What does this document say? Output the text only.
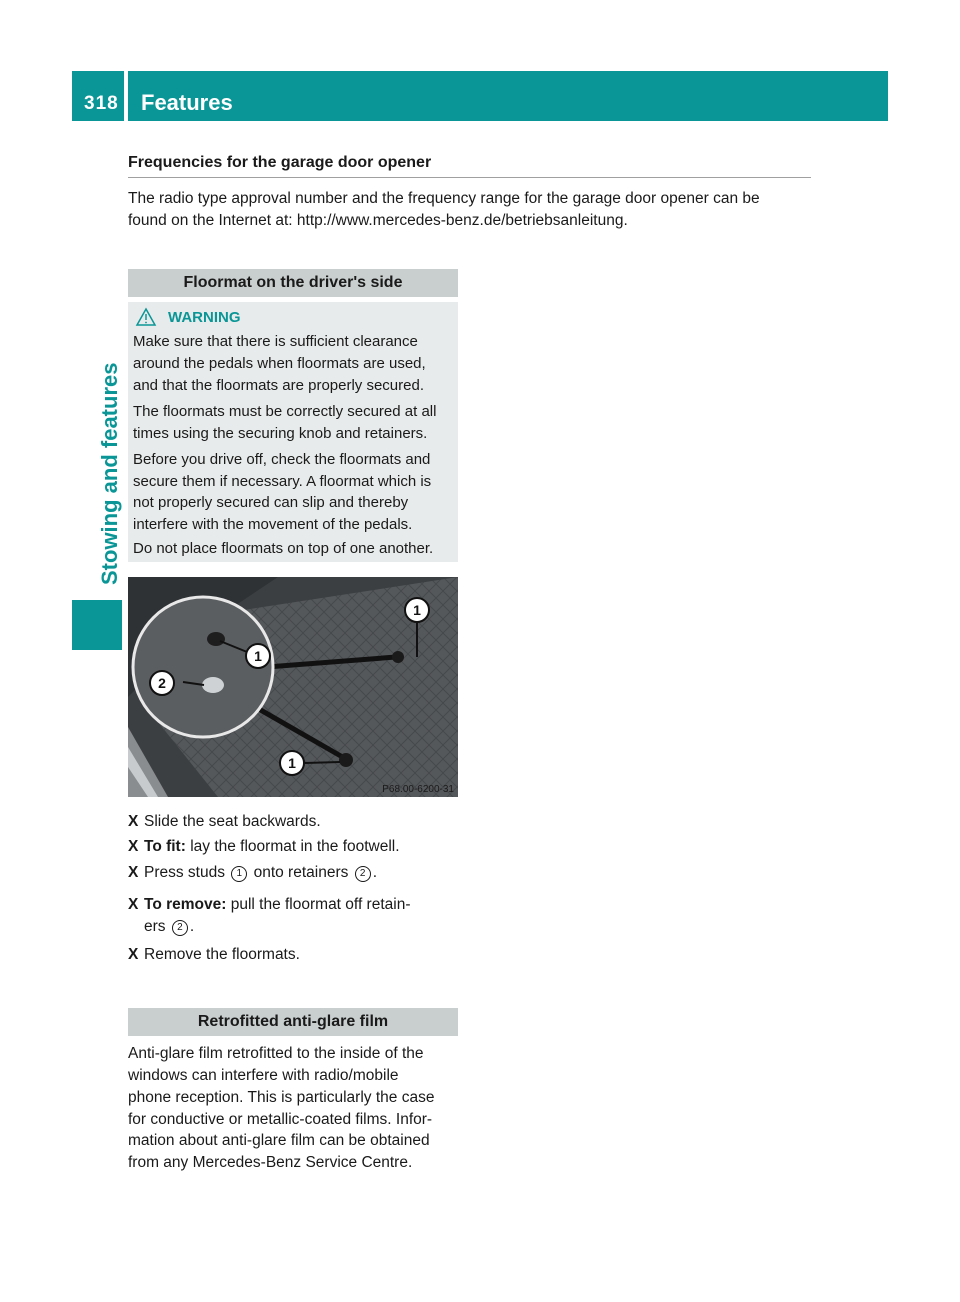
318 Features
Stowing and features
Frequencies for the garage door opener
The radio type approval number and the frequency range for the garage door opener can be
found on the Internet at: http://www.mercedes-benz.de/betriebsanleitung.
Floormat on the driver's side
WARNING
Make sure that there is sufficient clearance
around the pedals when floormats are used,
and that the floormats are properly secured.
The floormats must be correctly secured at all
times using the securing knob and retainers.
Before you drive off, check the floormats and
secure them if necessary. A floormat which is
not properly secured can slip and thereby
interfere with the movement of the pedals.
Do not place floormats on top of one another.
1
1
2
1
P68.00-6200-31
X Slide the seat backwards.
X To fit: lay the floormat in the footwell.
X Press studs 1 onto retainers 2 .
X To remove: pull the floormat off retain-
ers 2 .
X Remove the floormats.
Retrofitted anti-glare film
Anti-glare film retrofitted to the inside of the
windows can interfere with radio/mobile
phone reception. This is particularly the case
for conductive or metallic-coated films. Infor-
mation about anti-glare film can be obtained
from any Mercedes-Benz Service Centre.
